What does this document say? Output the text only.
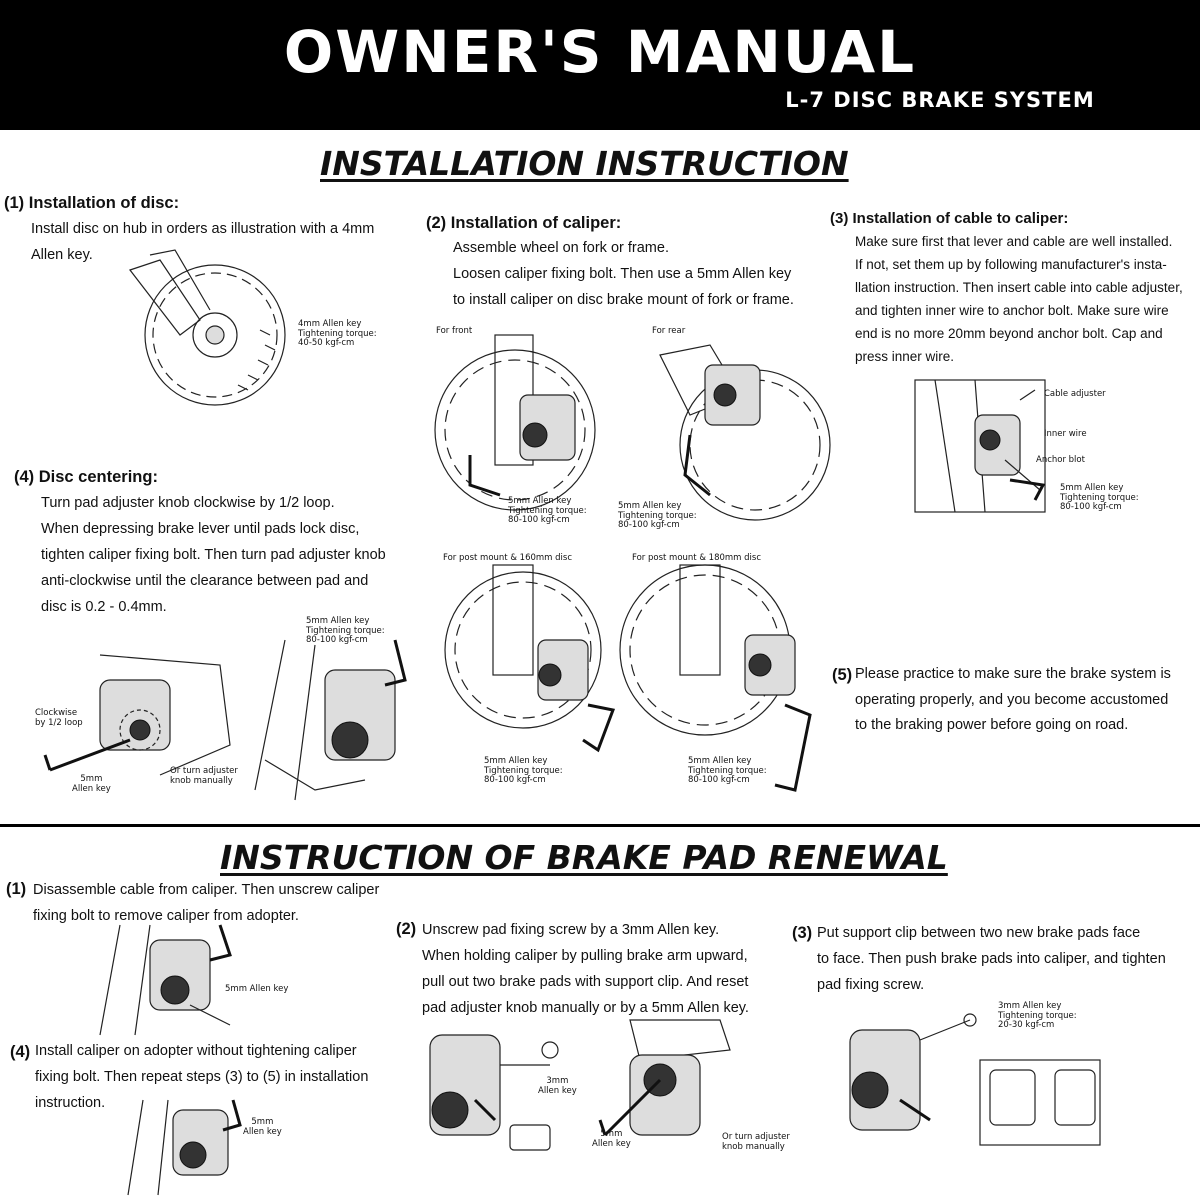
OWNER'S MANUAL
L-7 DISC BRAKE SYSTEM
INSTALLATION INSTRUCTION
(1) Installation of disc:
Install disc on hub in orders as illustration with a 4mm
Allen key.
4mm Allen key
Tightening torque:
40-50 kgf-cm
(2) Installation of caliper:
Assemble wheel on fork or frame.
Loosen caliper fixing bolt. Then use a 5mm Allen key
to install caliper on disc brake mount of fork or frame.
For front	For rear
5mm Allen key
Tightening torque:
80-100 kgf-cm
5mm Allen key
Tightening torque:
80-100 kgf-cm
For post mount & 160mm disc	For post mount & 180mm disc
5mm Allen key
Tightening torque:
80-100 kgf-cm
5mm Allen key
Tightening torque:
80-100 kgf-cm
(3) Installation of cable to caliper:
Make sure first that lever and cable are well installed.
If not, set them up by following manufacturer's insta-
llation instruction. Then insert cable into cable adjuster,
and tighten inner wire to anchor bolt. Make sure wire
end is no more 20mm beyond anchor bolt. Cap and
press inner wire.
Cable adjuster
Inner wire
Anchor blot
5mm Allen key
Tightening torque:
80-100 kgf-cm
(4) Disc centering:
Turn pad adjuster knob clockwise by 1/2 loop.
When depressing brake lever until pads lock disc,
tighten caliper fixing bolt. Then turn pad adjuster knob
anti-clockwise until the clearance between pad and
disc is 0.2 - 0.4mm.
Clockwise
by 1/2 loop
5mm
Allen key
Or turn adjuster
knob manually
5mm Allen key
Tightening torque:
80-100 kgf-cm
(5) Please practice to make sure the brake system is
operating properly, and you become accustomed
to the braking power before going on road.
INSTRUCTION OF BRAKE PAD RENEWAL
(1) Disassemble cable from caliper. Then unscrew caliper
fixing bolt to remove caliper from adopter.
5mm Allen key
(2) Unscrew pad fixing screw by a 3mm Allen key.
When holding caliper by pulling brake arm upward,
pull out two brake pads with support clip. And reset
pad adjuster knob manually or by a 5mm Allen key.
3mm
Allen key
5mm
Allen key
Or turn adjuster
knob manually
(3) Put support clip between two new brake pads face
to face. Then push brake pads into caliper, and tighten
pad fixing screw.
3mm Allen key
Tightening torque:
20-30 kgf-cm
(4) Install caliper on adopter without tightening caliper
fixing bolt. Then repeat steps (3) to (5) in installation
instruction.
5mm
Allen key
